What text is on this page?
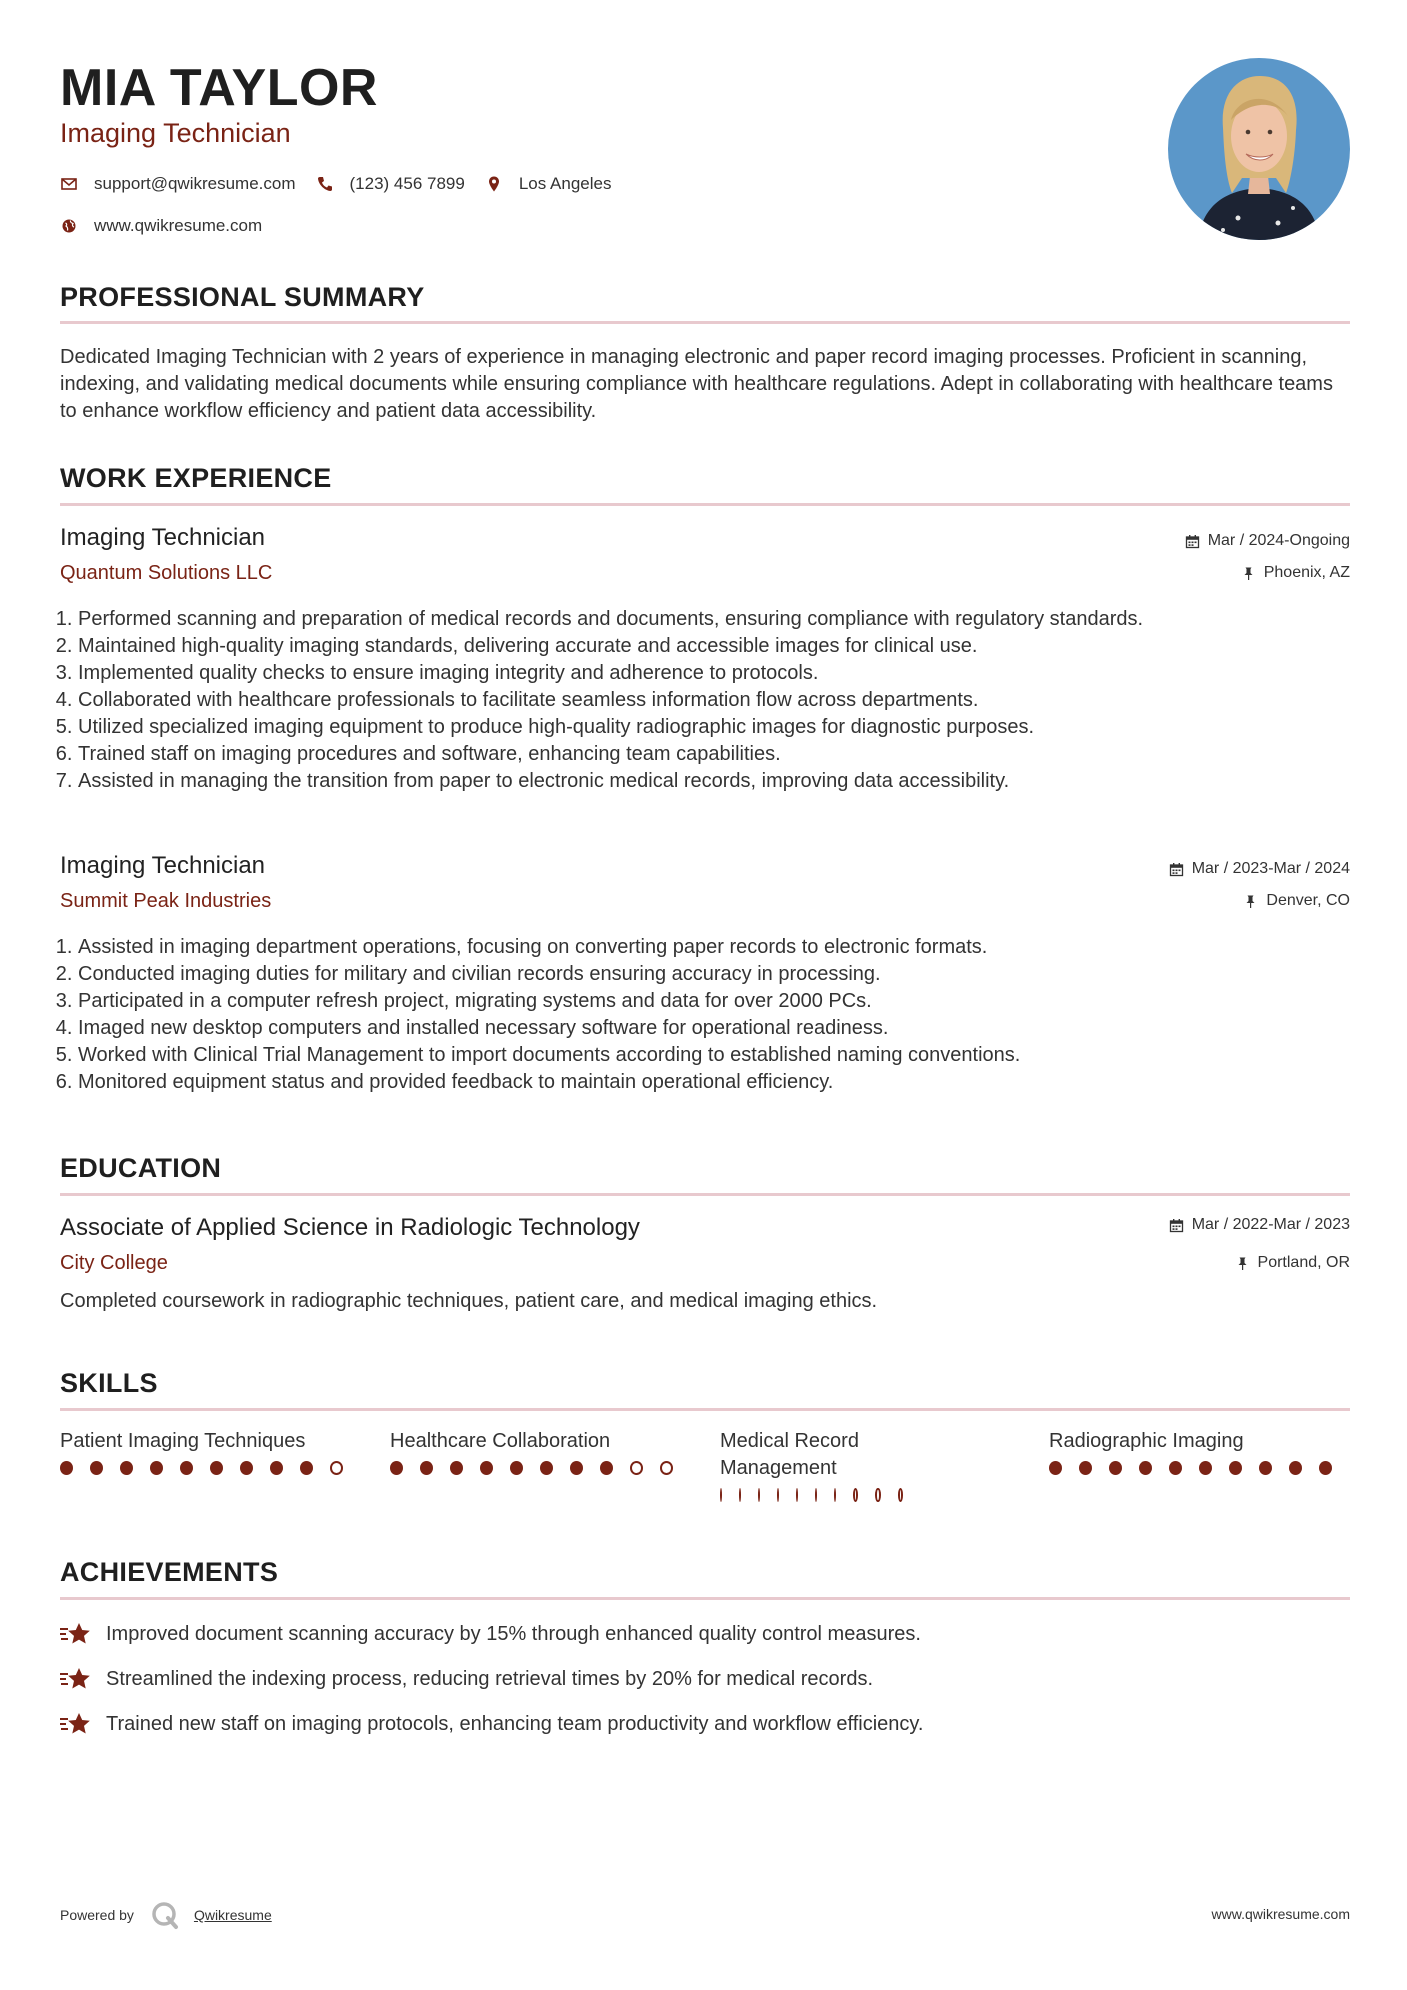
MIA TAYLOR
Imaging Technician
support@qwikresume.com	(123) 456 7899	Los Angeles
www.qwikresume.com
PROFESSIONAL SUMMARY

Dedicated Imaging Technician with 2 years of experience in managing electronic and paper record imaging processes. Proficient in scanning, indexing, and validating medical documents while ensuring compliance with healthcare regulations. Adept in collaborating with healthcare teams to enhance workflow efficiency and patient data accessibility.

WORK EXPERIENCE
Imaging Technician
Quantum Solutions LLC
Mar / 2024-Ongoing
Phoenix, AZ
1. Performed scanning and preparation of medical records and documents, ensuring compliance with regulatory standards.
2. Maintained high-quality imaging standards, delivering accurate and accessible images for clinical use.
3. Implemented quality checks to ensure imaging integrity and adherence to protocols.
4. Collaborated with healthcare professionals to facilitate seamless information flow across departments.
5. Utilized specialized imaging equipment to produce high-quality radiographic images for diagnostic purposes.
6. Trained staff on imaging procedures and software, enhancing team capabilities.
7. Assisted in managing the transition from paper to electronic medical records, improving data accessibility.
Imaging Technician
Summit Peak Industries
Mar / 2023-Mar / 2024
Denver, CO
1. Assisted in imaging department operations, focusing on converting paper records to electronic formats.
2. Conducted imaging duties for military and civilian records ensuring accuracy in processing.
3. Participated in a computer refresh project, migrating systems and data for over 2000 PCs.
4. Imaged new desktop computers and installed necessary software for operational readiness.
5. Worked with Clinical Trial Management to import documents according to established naming conventions.
6. Monitored equipment status and provided feedback to maintain operational efficiency.
EDUCATION
Associate of Applied Science in Radiologic Technology
City College
Mar / 2022-Mar / 2023
Portland, OR
Completed coursework in radiographic techniques, patient care, and medical imaging ethics.
SKILLS
Patient Imaging Techniques	Healthcare Collaboration	Medical Record Management
Radiographic Imaging
ACHIEVEMENTS
Improved document scanning accuracy by 15% through enhanced quality control measures.
Streamlined the indexing process, reducing retrieval times by 20% for medical records.
Trained new staff on imaging protocols, enhancing team productivity and workflow efficiency.
Powered by	Qwikresume	www.qwikresume.com
